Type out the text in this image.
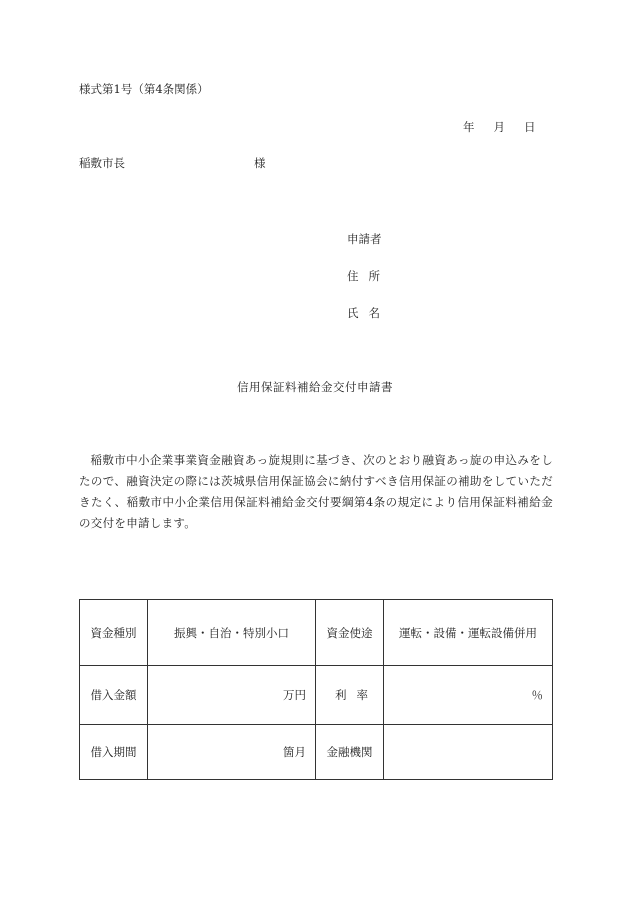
様式第1号（第4条関係）
年 月 日
稲敷市長	様
申請者
住所
氏名
信用保証料補給金交付申請書

稲敷市中小企業事業資金融資あっ旋規則に基づき、次のとおり融資あっ旋の申込みをしたので、融資決定の際には茨城県信用保証協会に納付すべき信用保証の補助をしていただきたく、稲敷市中小企業信用保証料補給金交付要綱第4条の規定により信用保証料補給金の交付を申請します。

資金種別	振興・自治・特別小口	資金使途	運転・設備・運転設備併用
借入金額	万円	利率	％
借入期間	箇月	金融機関	
